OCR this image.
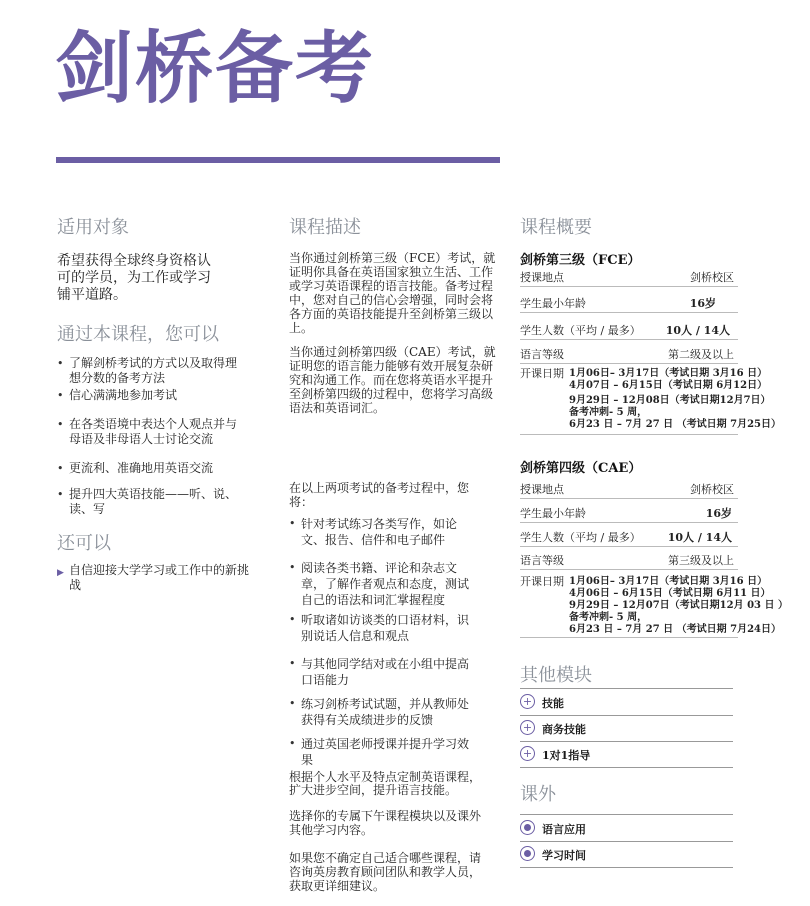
剑桥备考
适用对象
希望获得全球终身资格认可的学员，为工作或学习铺平道路。
通过本课程，您可以
• 了解剑桥考试的方式以及取得理想分数的备考方法
• 信心满满地参加考试
• 在各类语境中表达个人观点并与母语及非母语人士讨论交流
• 更流利、准确地用英语交流
• 提升四大英语技能——听、说、读、写
还可以
▶ 自信迎接大学学习或工作中的新挑战
课程描述
当你通过剑桥第三级（FCE）考试，就证明你具备在英语国家独立生活、工作或学习英语课程的语言技能。备考过程中，您对自己的信心会增强，同时会将各方面的英语技能提升至剑桥第三级以上。
当你通过剑桥第四级（CAE）考试，就证明您的语言能力能够有效开展复杂研究和沟通工作。而在您将英语水平提升至剑桥第四级的过程中，您将学习高级语法和英语词汇。
在以上两项考试的备考过程中，您将：
• 针对考试练习各类写作，如论文、报告、信件和电子邮件
• 阅读各类书籍、评论和杂志文章，了解作者观点和态度，测试自己的语法和词汇掌握程度
• 听取诸如访谈类的口语材料，识别说话人信息和观点
• 与其他同学结对或在小组中提高口语能力
• 练习剑桥考试试题，并从教师处获得有关成绩进步的反馈
• 通过英国老师授课并提升学习效果
根据个人水平及特点定制英语课程，扩大进步空间，提升语言技能。
选择你的专属下午课程模块以及课外其他学习内容。
如果您不确定自己适合哪些课程，请咨询英房教育顾问团队和教学人员，获取更详细建议。
课程概要
剑桥第三级（FCE）
授课地点	剑桥校区
学生最小年龄	16岁
学生人数（平均 / 最多） 10人 / 14人
语言等级	第二级及以上
开课日期 1月06日– 3月17日（考试日期 3月16 日）
4月07日 – 6月15日（考试日期 6月12日）
9月29日 – 12月08日（考试日期12月7日）
备考冲刺- 5 周，
6月23 日 – 7月 27 日 （考试日期 7月25日）
剑桥第四级（CAE）
授课地点	剑桥校区
学生最小年龄	16岁
学生人数（平均 / 最多） 10人 / 14人
语言等级	第三级及以上
开课日期 1月06日– 3月17日（考试日期 3月16 日）
4月06日 – 6月15日（考试日期 6月11 日）
9月29日 – 12月07日（考试日期12月 03 日 ）
备考冲刺- 5 周，
6月23 日 – 7月 27 日 （考试日期 7月24日）
其他模块
+ 技能
+ 商务技能
+ 1对1指导
课外
语言应用
学习时间
